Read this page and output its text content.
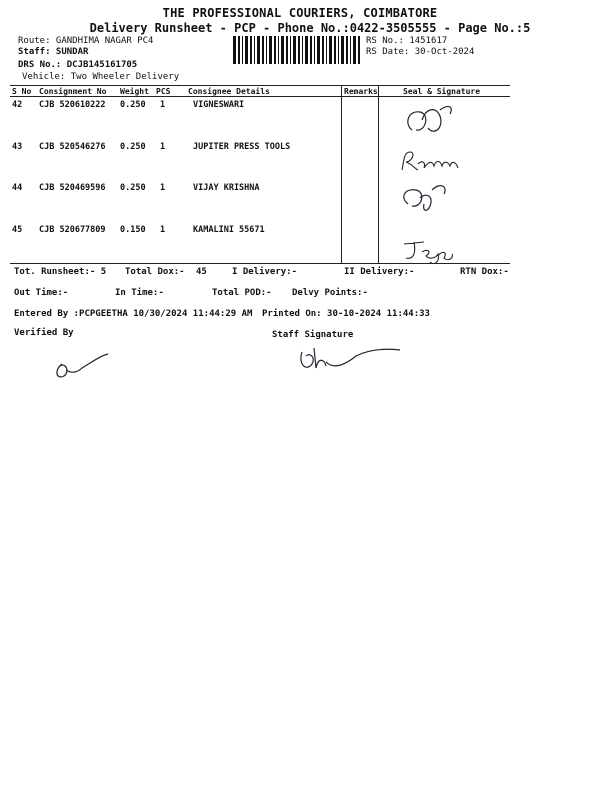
THE PROFESSIONAL COURIERS, COIMBATORE
Delivery Runsheet - PCP - Phone No.:0422-3505555 - Page No.:5
Route: GANDHIMA NAGAR PC4
Staff: SUNDAR
DRS No.: DCJB145161705
Vehicle: Two Wheeler Delivery
RS No.: 1451617
RS Date: 30-Oct-2024
S No Consignment No Weight PCS Consignee Details	Remarks	Seal & Signature
42 CJB 520610222 0.250 1	VIGNESWARI
43 CJB 520546276 0.250 1	JUPITER PRESS TOOLS
44 CJB 520469596 0.250 1	VIJAY KRISHNA
45 CJB 520677809 0.150 1	KAMALINI 55671
Tot. Runsheet:- 5 Total Dox:- 45	I Delivery:-	II Delivery:-	RTN Dox:-
Out Time:-	In Time:-	Total POD:- Delvy Points:-
Entered By :PCPGEETHA 10/30/2024 11:44:29 AM Printed On: 30-10-2024 11:44:33
Verified By	Staff Signature
